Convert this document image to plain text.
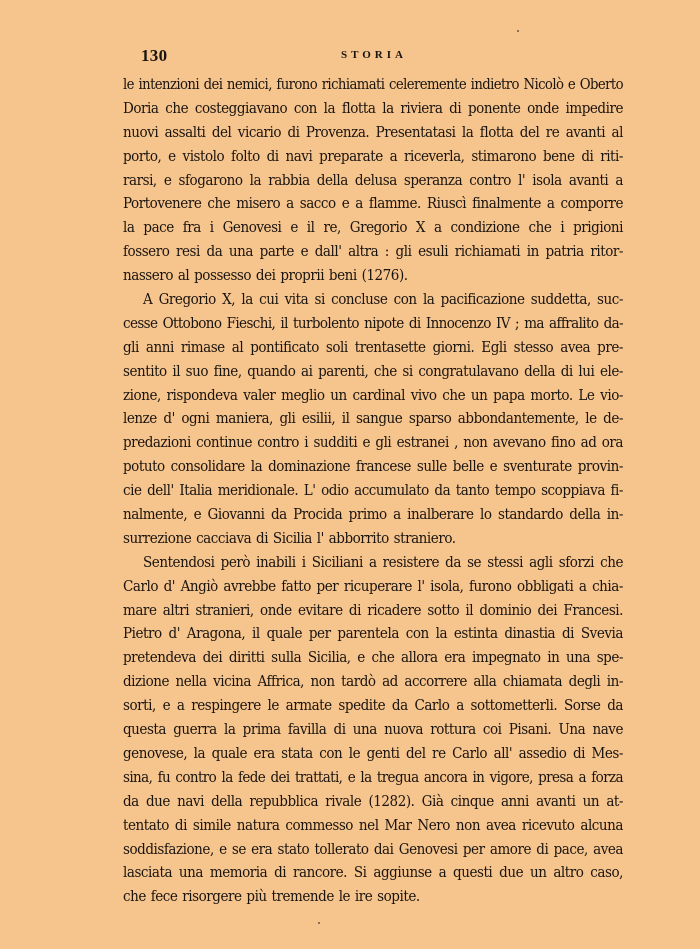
130	STORIA
le intenzioni dei nemici, furono richiamati celeremente indietro Nicolò e Oberto
Doria che costeggiavano con la flotta la riviera di ponente onde impedire
nuovi assalti del vicario di Provenza. Presentatasi la flotta del re avanti al
porto, e vistolo folto di navi preparate a riceverla, stimarono bene di riti-
rarsi, e sfogarono la rabbia della delusa speranza contro l' isola avanti a
Portovenere che misero a sacco e a flamme. Riuscì finalmente a comporre
la pace fra i Genovesi e il re, Gregorio X a condizione che i prigioni
fossero resi da una parte e dall' altra : gli esuli richiamati in patria ritor-
nassero al possesso dei proprii beni (1276).
A Gregorio X, la cui vita si concluse con la pacificazione suddetta, suc-
cesse Ottobono Fieschi, il turbolento nipote di Innocenzo IV ; ma affralito da-
gli anni rimase al pontificato soli trentasette giorni. Egli stesso avea pre-
sentito il suo fine, quando ai parenti, che si congratulavano della di lui ele-
zione, rispondeva valer meglio un cardinal vivo che un papa morto. Le vio-
lenze d' ogni maniera, gli esilii, il sangue sparso abbondantemente, le de-
predazioni continue contro i sudditi e gli estranei , non avevano fino ad ora
potuto consolidare la dominazione francese sulle belle e sventurate provin-
cie dell' Italia meridionale. L' odio accumulato da tanto tempo scoppiava fi-
nalmente, e Giovanni da Procida primo a inalberare lo standardo della in-
surrezione cacciava di Sicilia l' abborrito straniero.
Sentendosi però inabili i Siciliani a resistere da se stessi agli sforzi che
Carlo d' Angiò avrebbe fatto per ricuperare l' isola, furono obbligati a chia-
mare altri stranieri, onde evitare di ricadere sotto il dominio dei Francesi.
Pietro d' Aragona, il quale per parentela con la estinta dinastia di Svevia
pretendeva dei diritti sulla Sicilia, e che allora era impegnato in una spe-
dizione nella vicina Affrica, non tardò ad accorrere alla chiamata degli in-
sorti, e a respingere le armate spedite da Carlo a sottometterli. Sorse da
questa guerra la prima favilla di una nuova rottura coi Pisani. Una nave
genovese, la quale era stata con le genti del re Carlo all' assedio di Mes-
sina, fu contro la fede dei trattati, e la tregua ancora in vigore, presa a forza
da due navi della repubblica rivale (1282). Già cinque anni avanti un at-
tentato di simile natura commesso nel Mar Nero non avea ricevuto alcuna
soddisfazione, e se era stato tollerato dai Genovesi per amore di pace, avea
lasciata una memoria di rancore. Si aggiunse a questi due un altro caso,
che fece risorgere più tremende le ire sopite.
